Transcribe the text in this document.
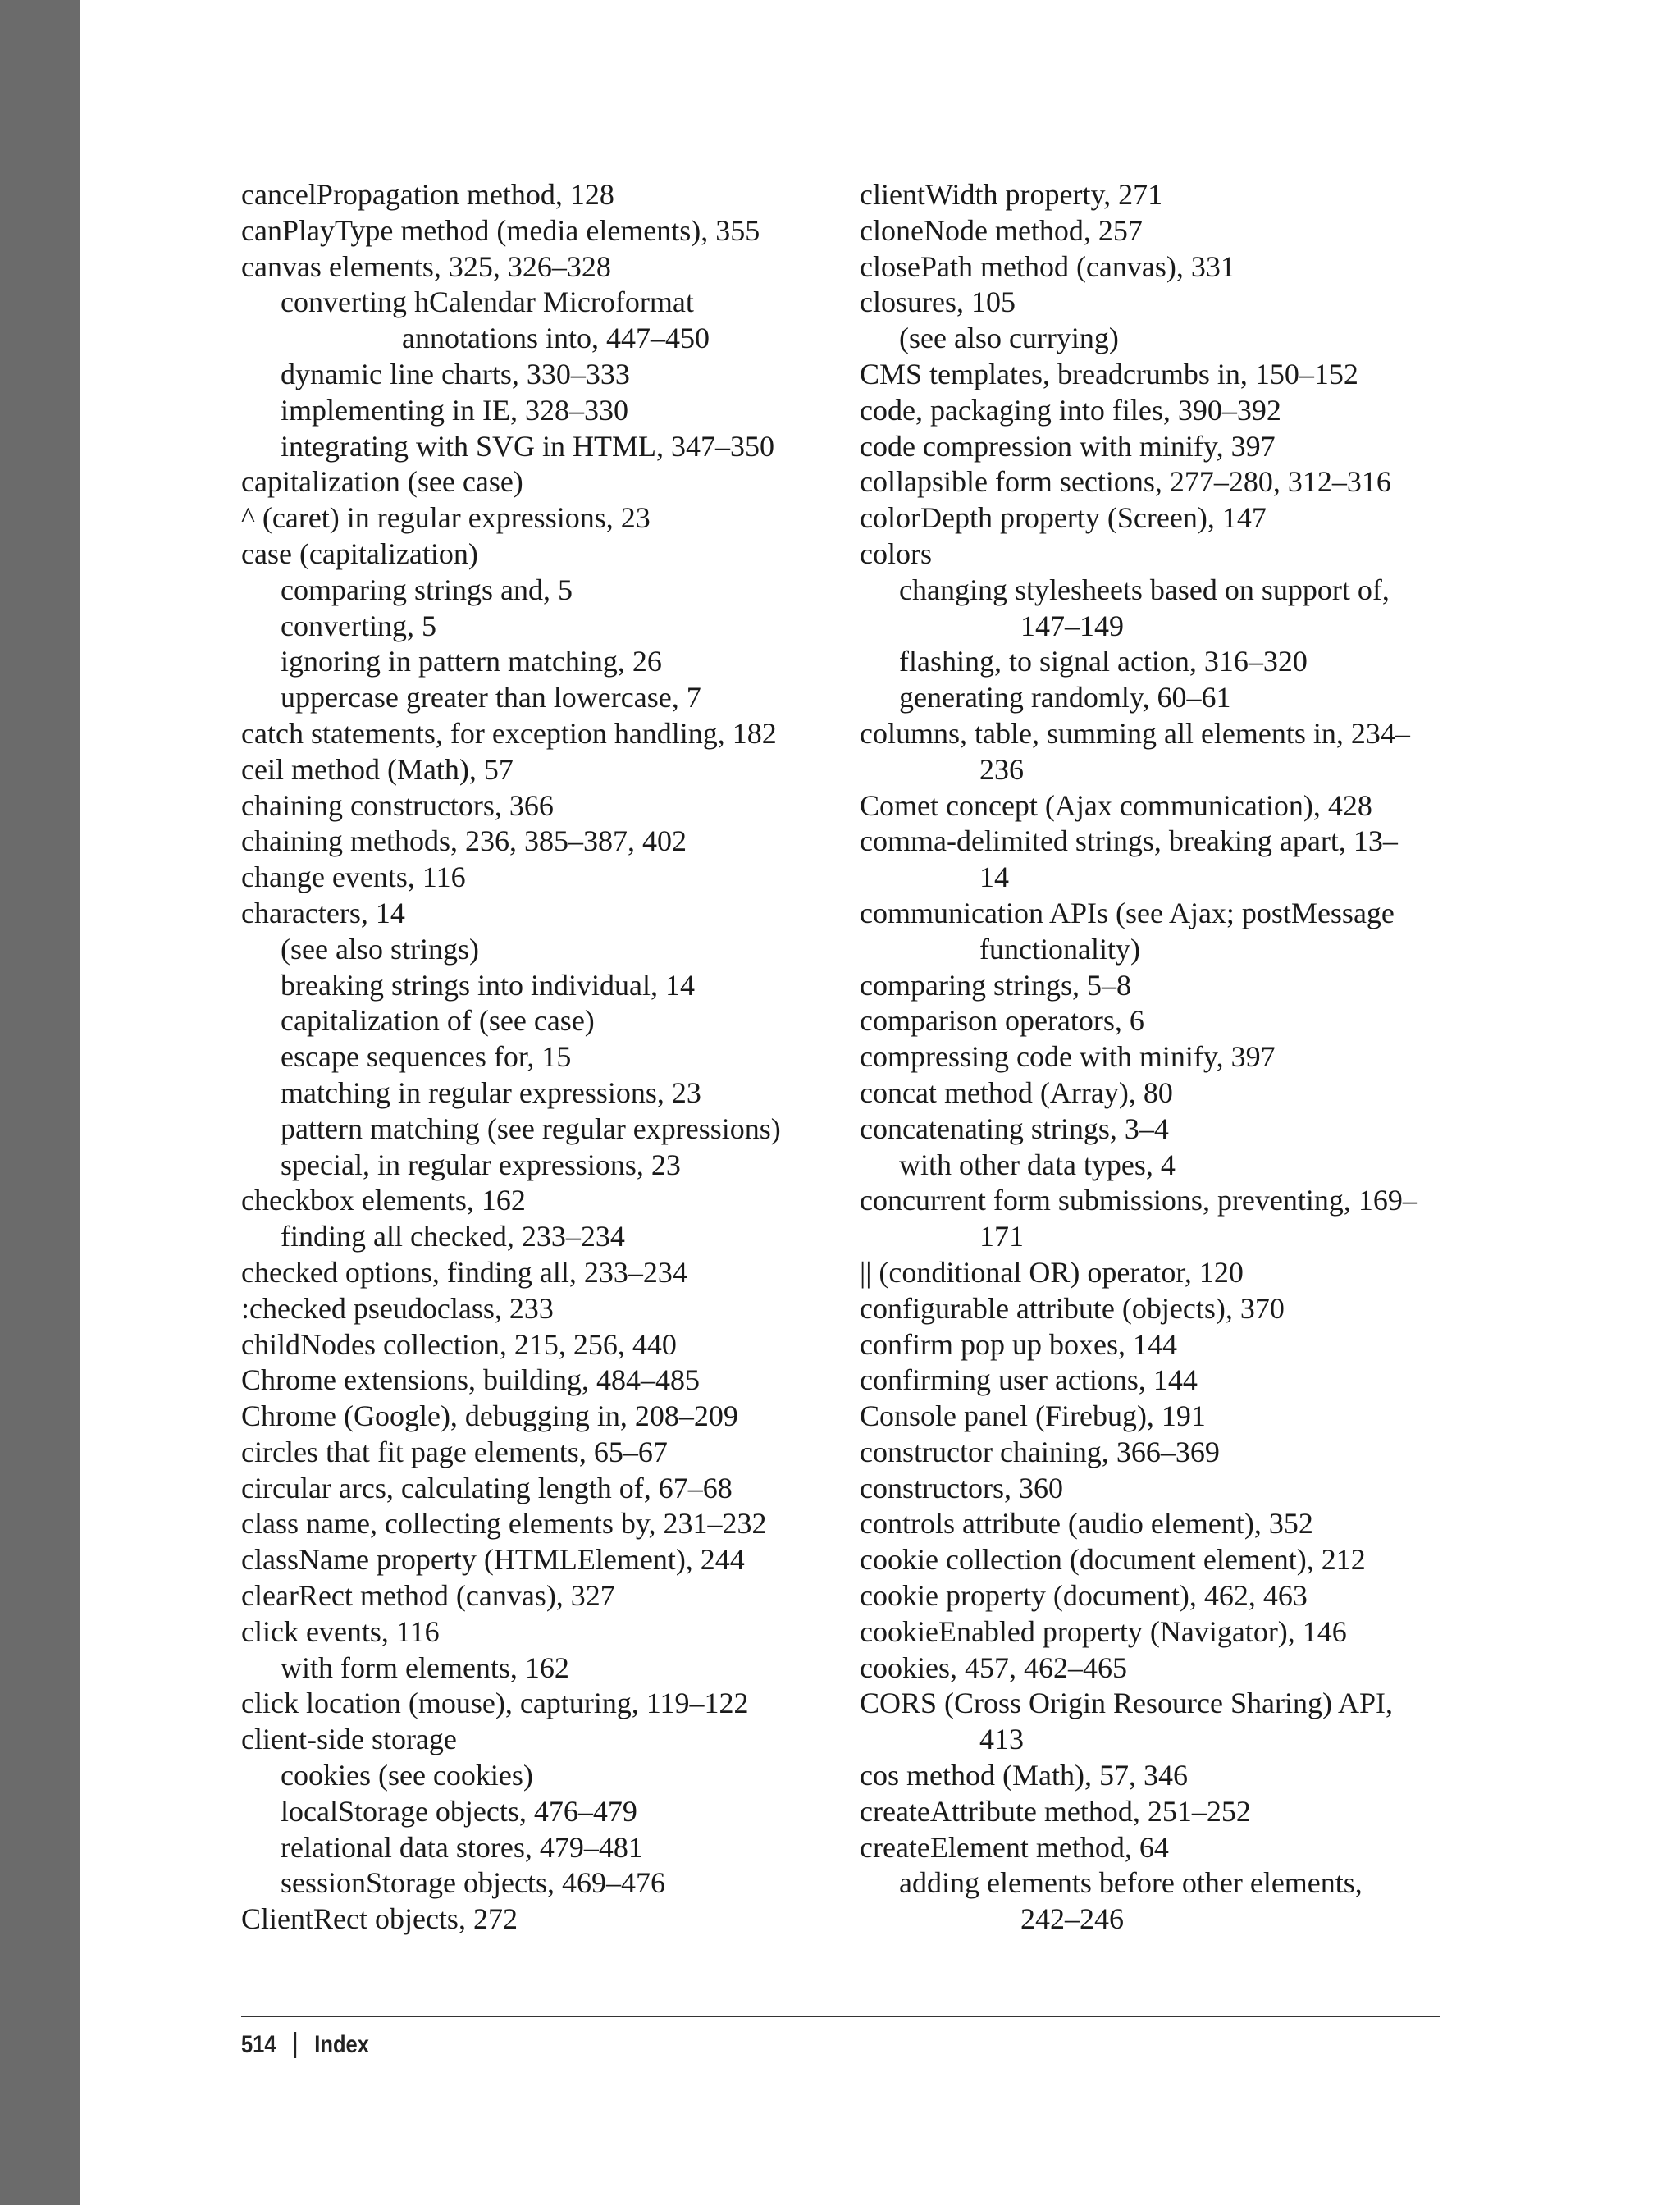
cancelPropagation method, 128
canPlayType method (media elements), 355
canvas elements, 325, 326–328
converting hCalendar Microformat
annotations into, 447–450
dynamic line charts, 330–333
implementing in IE, 328–330
integrating with SVG in HTML, 347–350
capitalization (see case)
^ (caret) in regular expressions, 23
case (capitalization)
comparing strings and, 5
converting, 5
ignoring in pattern matching, 26
uppercase greater than lowercase, 7
catch statements, for exception handling, 182
ceil method (Math), 57
chaining constructors, 366
chaining methods, 236, 385–387, 402
change events, 116
characters, 14
(see also strings)
breaking strings into individual, 14
capitalization of (see case)
escape sequences for, 15
matching in regular expressions, 23
pattern matching (see regular expressions)
special, in regular expressions, 23
checkbox elements, 162
finding all checked, 233–234
checked options, finding all, 233–234
:checked pseudoclass, 233
childNodes collection, 215, 256, 440
Chrome extensions, building, 484–485
Chrome (Google), debugging in, 208–209
circles that fit page elements, 65–67
circular arcs, calculating length of, 67–68
class name, collecting elements by, 231–232
className property (HTMLElement), 244
clearRect method (canvas), 327
click events, 116
with form elements, 162
click location (mouse), capturing, 119–122
client-side storage
cookies (see cookies)
localStorage objects, 476–479
relational data stores, 479–481
sessionStorage objects, 469–476
ClientRect objects, 272
clientWidth property, 271
cloneNode method, 257
closePath method (canvas), 331
closures, 105
(see also currying)
CMS templates, breadcrumbs in, 150–152
code, packaging into files, 390–392
code compression with minify, 397
collapsible form sections, 277–280, 312–316
colorDepth property (Screen), 147
colors
changing stylesheets based on support of,
147–149
flashing, to signal action, 316–320
generating randomly, 60–61
columns, table, summing all elements in, 234–
236
Comet concept (Ajax communication), 428
comma-delimited strings, breaking apart, 13–
14
communication APIs (see Ajax; postMessage
functionality)
comparing strings, 5–8
comparison operators, 6
compressing code with minify, 397
concat method (Array), 80
concatenating strings, 3–4
with other data types, 4
concurrent form submissions, preventing, 169–
171
|| (conditional OR) operator, 120
configurable attribute (objects), 370
confirm pop up boxes, 144
confirming user actions, 144
Console panel (Firebug), 191
constructor chaining, 366–369
constructors, 360
controls attribute (audio element), 352
cookie collection (document element), 212
cookie property (document), 462, 463
cookieEnabled property (Navigator), 146
cookies, 457, 462–465
CORS (Cross Origin Resource Sharing) API,
413
cos method (Math), 57, 346
createAttribute method, 251–252
createElement method, 64
adding elements before other elements,
242–246
514 Index
